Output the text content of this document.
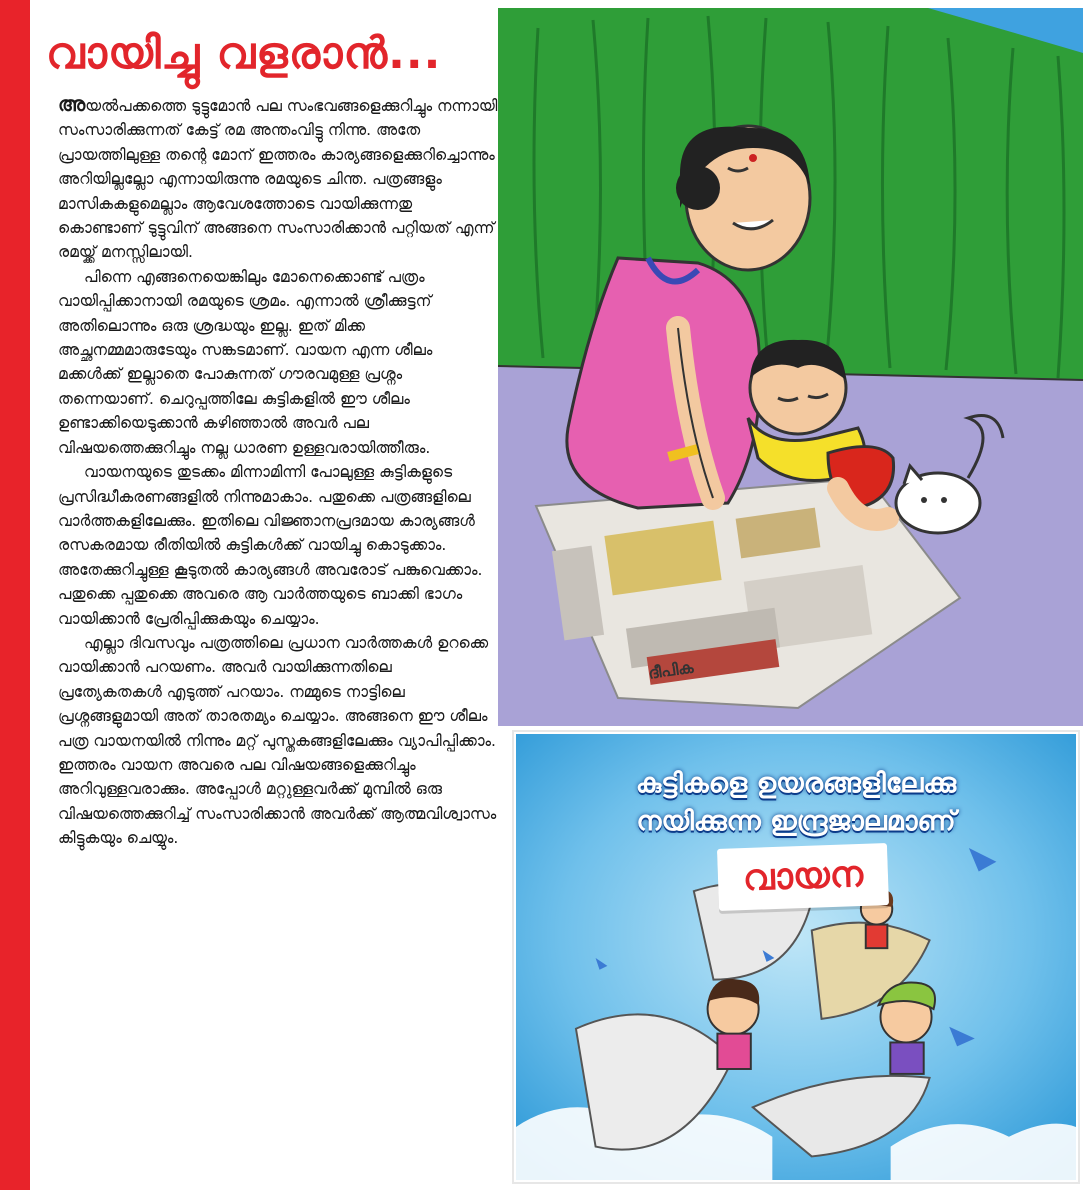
വായിച്ചു വളരാൻ...

അയൽപക്കത്തെ ടുട്ടുമോൻ പല സംഭവങ്ങളെക്കുറിച്ചും നന്നായി സംസാരിക്കുന്നത് കേട്ട് രമ അന്തംവിട്ടു നിന്നു. അതേ പ്രായത്തിലുള്ള തന്റെ മോന് ഇത്തരം കാര്യങ്ങളെക്കുറിച്ചൊന്നും അറിയില്ലല്ലോ എന്നായിരുന്നു രമയുടെ ചിന്ത. പത്രങ്ങളും മാസികകളുമെല്ലാം ആവേശത്തോടെ വായിക്കുന്നതു കൊണ്ടാണ് ടുട്ടുവിന് അങ്ങനെ സംസാരിക്കാൻ പറ്റിയത് എന്ന് രമയ്ക്ക് മനസ്സിലായി.

പിന്നെ എങ്ങനെയെങ്കിലും മോനെക്കൊണ്ട് പത്രം വായിപ്പിക്കാനായി രമയുടെ ശ്രമം. എന്നാൽ ശ്രീക്കുട്ടന് അതിലൊന്നും ഒരു ശ്രദ്ധയും ഇല്ല. ഇത് മിക്ക അച്ഛനമ്മമാരുടേയും സങ്കടമാണ്. വായന എന്ന ശീലം മക്കൾക്ക് ഇല്ലാതെ പോകുന്നത് ഗൗരവമുള്ള പ്രശ്നം തന്നെയാണ്. ചെറുപ്പത്തിലേ കുട്ടികളിൽ ഈ ശീലം ഉണ്ടാക്കിയെടുക്കാൻ കഴിഞ്ഞാൽ അവർ പല വിഷയത്തെക്കുറിച്ചും നല്ല ധാരണ ഉള്ളവരായിത്തീരും.

വായനയുടെ തുടക്കം മിന്നാമിന്നി പോലുള്ള കുട്ടികളുടെ പ്രസിദ്ധീകരണങ്ങളിൽ നിന്നുമാകാം. പതുക്കെ പത്രങ്ങളിലെ വാർത്തകളിലേക്കും. ഇതിലെ വിജ്ഞാനപ്രദമായ കാര്യങ്ങൾ രസകരമായ രീതിയിൽ കുട്ടികൾക്ക് വായിച്ചു കൊടുക്കാം. അതേക്കുറിച്ചുള്ള കൂടുതൽ കാര്യങ്ങൾ അവരോട് പങ്കുവെക്കാം. പതുക്കെ പ്പതുക്കെ അവരെ ആ വാർത്തയുടെ ബാക്കി ഭാഗം വായിക്കാൻ പ്രേരിപ്പിക്കുകയും ചെയ്യാം.

എല്ലാ ദിവസവും പത്രത്തിലെ പ്രധാന വാർത്തകൾ ഉറക്കെ വായിക്കാൻ പറയണം. അവർ വായിക്കുന്നതിലെ പ്രത്യേകതകൾ എടുത്ത് പറയാം. നമ്മുടെ നാട്ടിലെ പ്രശ്നങ്ങളുമായി അത് താരതമ്യം ചെയ്യാം. അങ്ങനെ ഈ ശീലം പത്ര വായനയിൽ നിന്നും മറ്റ് പുസ്തകങ്ങളിലേക്കും വ്യാപിപ്പിക്കാം. ഇത്തരം വായന അവരെ പല വിഷയങ്ങളെക്കുറിച്ചും അറിവുള്ളവരാക്കും. അപ്പോൾ മറ്റുള്ളവർക്ക് മുമ്പിൽ ഒരു വിഷയത്തെക്കുറിച്ച് സംസാരിക്കാൻ അവർക്ക് ആത്മവിശ്വാസം കിട്ടുകയും ചെയ്യും.

ദീപിക
കുട്ടികളെ ഉയരങ്ങളിലേക്കു
നയിക്കുന്ന ഇന്ദ്രജാലമാണ്
വായന
